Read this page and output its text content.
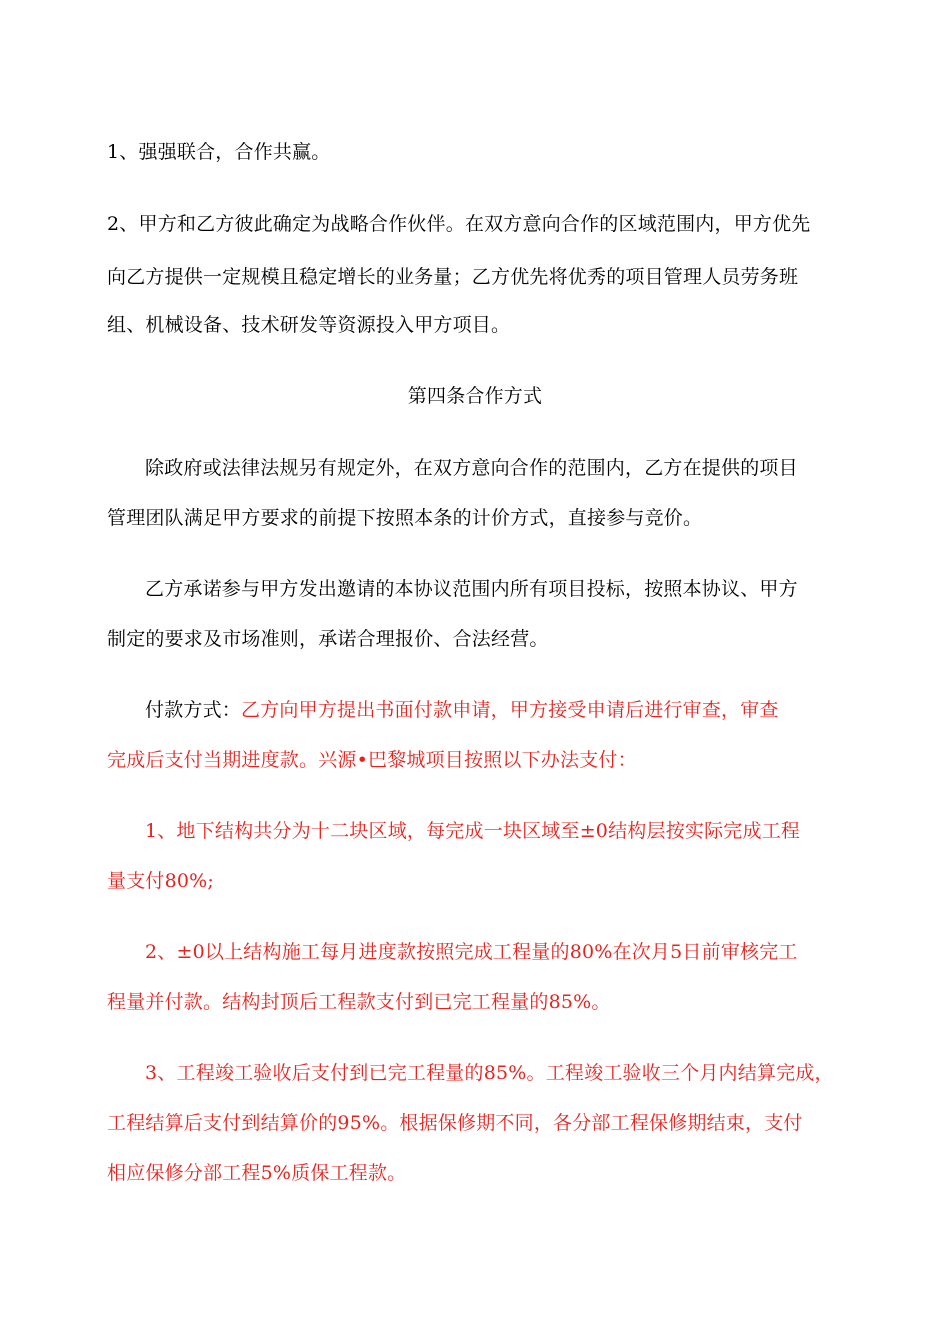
1、强强联合，合作共赢。
2、甲方和乙方彼此确定为战略合作伙伴。在双方意向合作的区域范围内，甲方优先
向乙方提供一定规模且稳定增长的业务量；乙方优先将优秀的项目管理人员劳务班
组、机械设备、技术研发等资源投入甲方项目。
第四条合作方式
除政府或法律法规另有规定外，在双方意向合作的范围内，乙方在提供的项目
管理团队满足甲方要求的前提下按照本条的计价方式，直接参与竞价。
乙方承诺参与甲方发出邀请的本协议范围内所有项目投标，按照本协议、甲方
制定的要求及市场准则，承诺合理报价、合法经营。
付款方式：乙方向甲方提出书面付款申请，甲方接受申请后进行审查，审查
完成后支付当期进度款。兴源•巴黎城项目按照以下办法支付：
1、地下结构共分为十二块区域，每完成一块区域至±0结构层按实际完成工程
量支付80%;
2、±0以上结构施工每月进度款按照完成工程量的80%在次月5日前审核完工
程量并付款。结构封顶后工程款支付到已完工程量的85%。
3、工程竣工验收后支付到已完工程量的85%。工程竣工验收三个月内结算完成，
工程结算后支付到结算价的95%。根据保修期不同，各分部工程保修期结束，支付
相应保修分部工程5%质保工程款。
